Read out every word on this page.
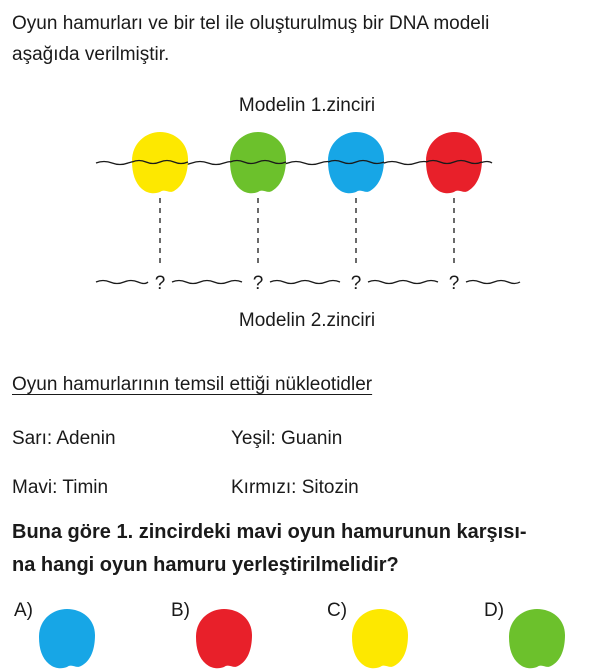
Oyun hamurları ve bir tel ile oluşturulmuş bir DNA modeli
aşağıda verilmiştir.
Modelin 1.zinciri
?	?	?	?
Modelin 2.zinciri
Oyun hamurlarının temsil ettiği nükleotidler
Sarı: Adenin	Yeşil: Guanin
Mavi: Timin	Kırmızı: Sitozin
Buna göre 1. zincirdeki mavi oyun hamurunun karşısı-
na hangi oyun hamuru yerleştirilmelidir?
A)	B)	C)	D)
